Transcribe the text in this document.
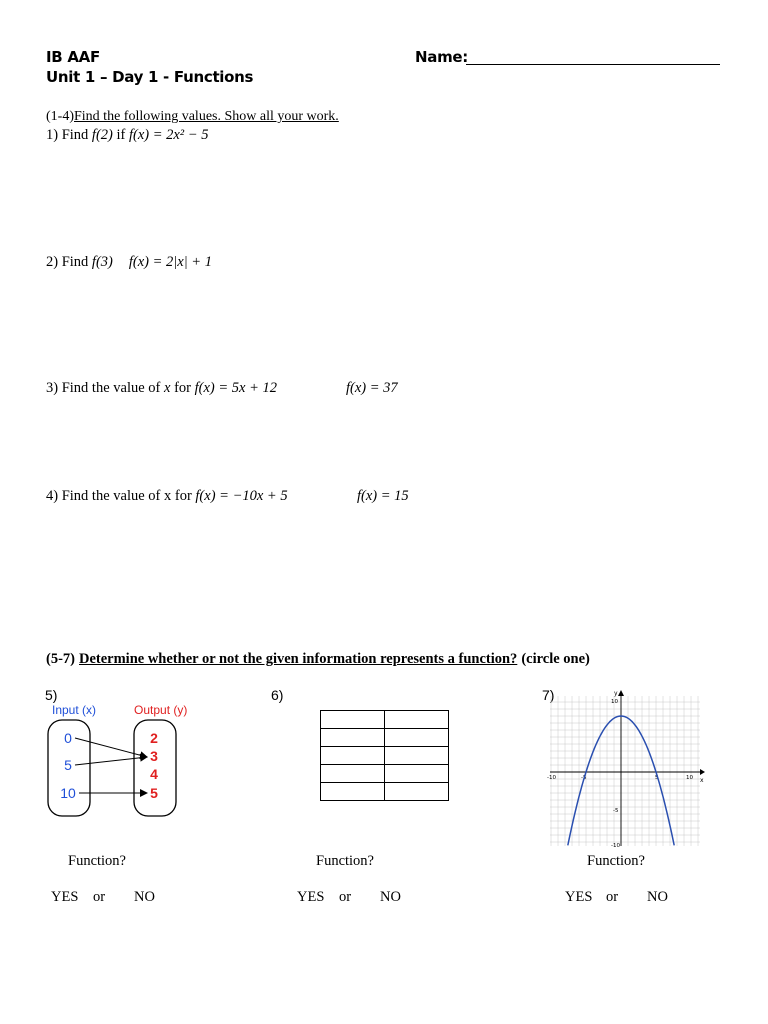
IB AAF	Name:
Unit 1 – Day 1 - Functions
(1-4)Find the following values. Show all your work.
1) Find f(2) if f(x) = 2x² − 5
2) Find f(3) f(x) = 2|x| + 1
3) Find the value of x for f(x) = 5x + 12	f(x) = 37
4) Find the value of x for f(x) = −10x + 5	f(x) = 15
(5-7) Determine whether or not the given information represents a function? (circle one)
5)
Input (x)	Output (y)
0
5
10
2
3
4
5
6)

		7)
x
y
-10	-5	5	10
10
-5
-10
Function?
YES or NO
Function?
YES or NO
Function?
YES or NO
